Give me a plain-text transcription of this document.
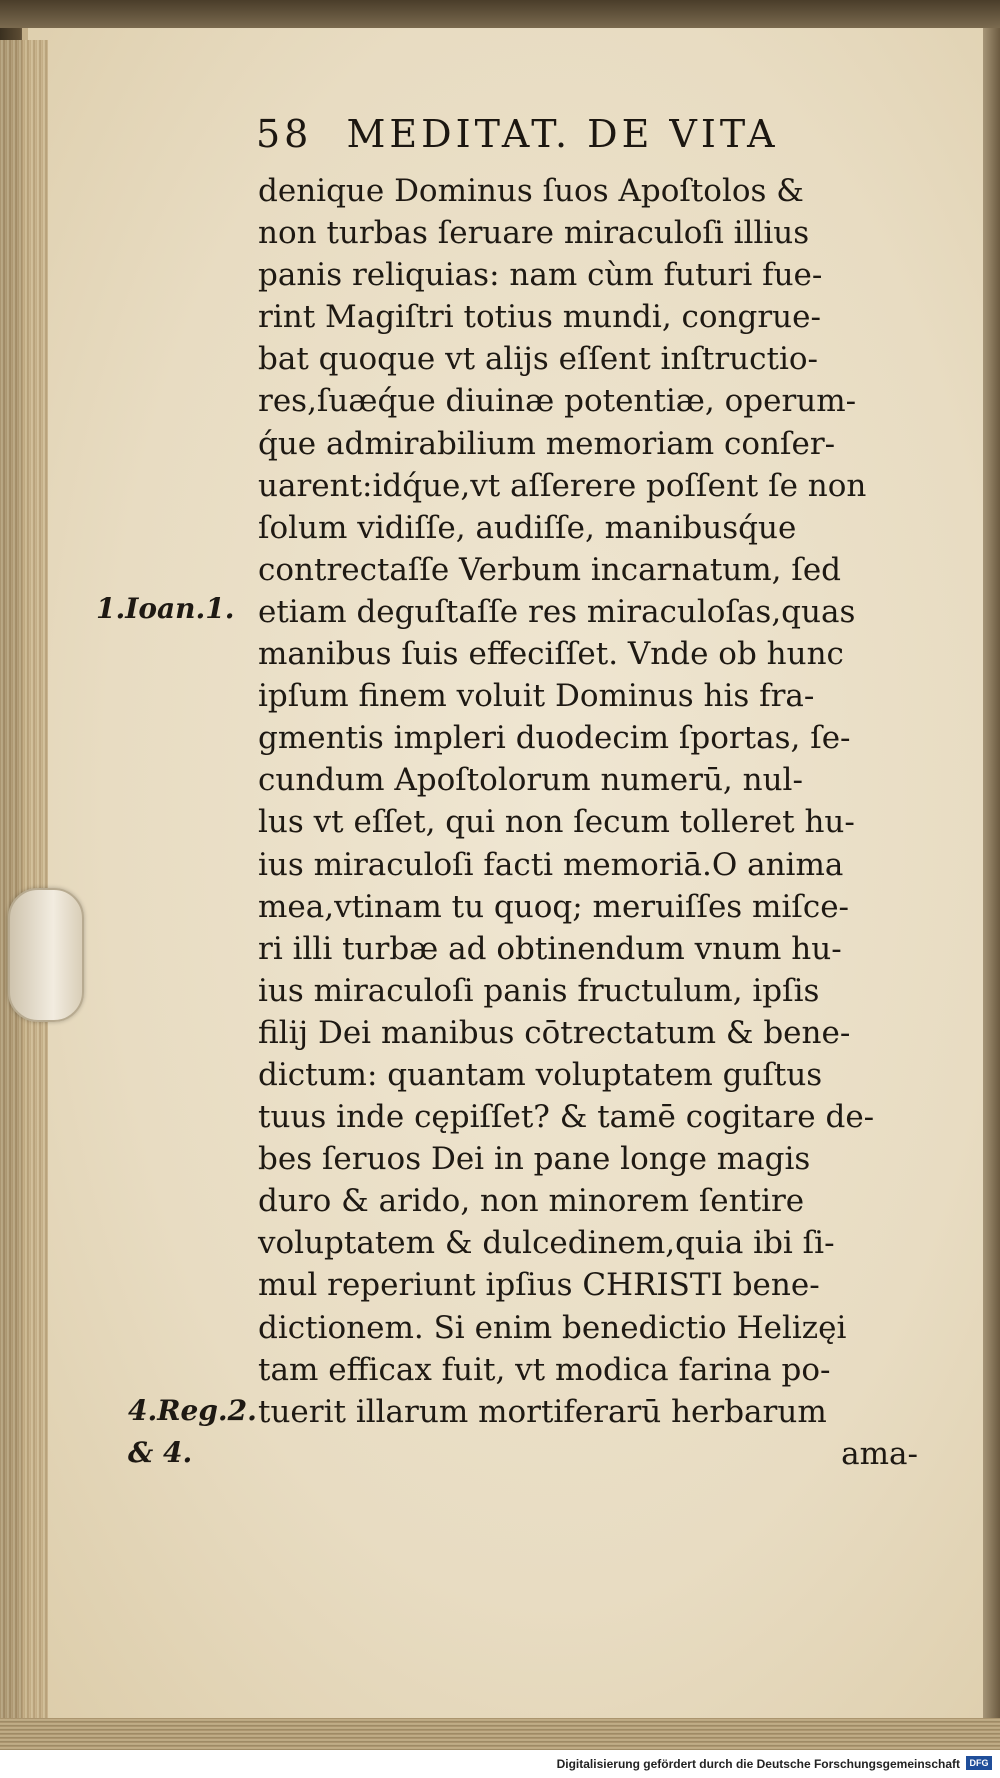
58 MEDITAT. DE VITA
denique Dominus ſuos Apoſtolos &
non turbas ſeruare miraculoſi illius
panis reliquias: nam cùm futuri fue-
rint Magiſtri totius mundi, congrue-
bat quoque vt alijs eſſent inſtructio-
res,ſuæq́ue diuinæ potentiæ, operum-
q́ue admirabilium memoriam conſer-
uarent:idq́ue,vt aſſerere poſſent ſe non
ſolum vidiſſe, audiſſe, manibusq́ue
contrectaſſe Verbum incarnatum, ſed
etiam deguſtaſſe res miraculoſas,quas
manibus ſuis effeciſſet. Vnde ob hunc
ipſum finem voluit Dominus his fra-
gmentis impleri duodecim ſportas, ſe-
cundum Apoſtolorum numerū, nul-
lus vt eſſet, qui non ſecum tolleret hu-
ius miraculoſi facti memoriā.O anima
mea,vtinam tu quoq; meruiſſes miſce-
ri illi turbæ ad obtinendum vnum hu-
ius miraculoſi panis fructulum, ipſis
filij Dei manibus cōtrectatum & bene-
dictum: quantam voluptatem guſtus
tuus inde cępiſſet? & tamē cogitare de-
bes ſeruos Dei in pane longe magis
duro & arido, non minorem ſentire
voluptatem & dulcedinem,quia ibi ſi-
mul reperiunt ipſius CHRISTI bene-
dictionem. Si enim benedictio Helizęi
tam efficax fuit, vt modica farina po-
tuerit illarum mortiferarū herbarum
ama-
1.Ioan.1.
4.Reg.2.
& 4.
Digitalisierung gefördert durch die Deutsche Forschungsgemeinschaft	DFG
